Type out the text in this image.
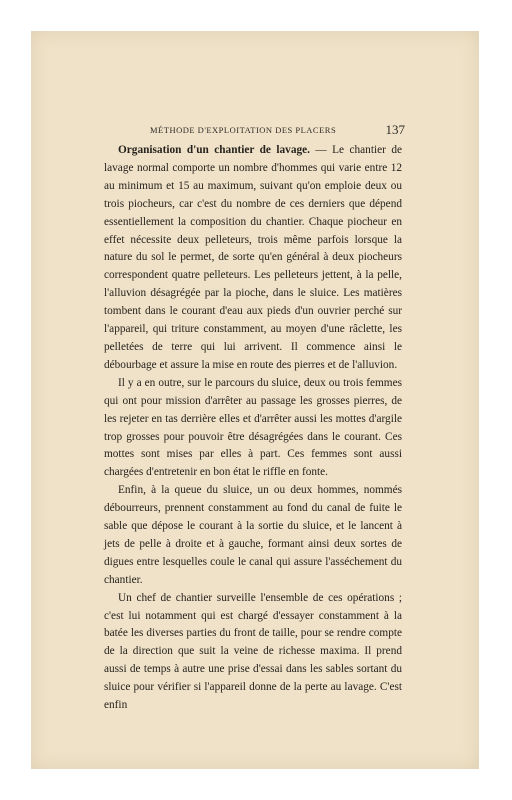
MÉTHODE D'EXPLOITATION DES PLACERS	137

Organisation d'un chantier de lavage. — Le chantier de lavage normal comporte un nombre d'hommes qui varie entre 12 au minimum et 15 au maximum, suivant qu'on emploie deux ou trois piocheurs, car c'est du nombre de ces derniers que dépend essentiellement la composition du chantier. Chaque piocheur en effet nécessite deux pelleteurs, trois même parfois lorsque la nature du sol le permet, de sorte qu'en général à deux piocheurs correspondent quatre pelleteurs. Les pelleteurs jettent, à la pelle, l'alluvion désagrégée par la pioche, dans le sluice. Les matières tombent dans le courant d'eau aux pieds d'un ouvrier perché sur l'appareil, qui triture constamment, au moyen d'une râclette, les pelletées de terre qui lui arrivent. Il commence ainsi le débourbage et assure la mise en route des pierres et de l'alluvion.

Il y a en outre, sur le parcours du sluice, deux ou trois femmes qui ont pour mission d'arrêter au passage les grosses pierres, de les rejeter en tas derrière elles et d'arrêter aussi les mottes d'argile trop grosses pour pouvoir être désagrégées dans le courant. Ces mottes sont mises par elles à part. Ces femmes sont aussi chargées d'entretenir en bon état le riffle en fonte.

Enfin, à la queue du sluice, un ou deux hommes, nommés débourreurs, prennent constamment au fond du canal de fuite le sable que dépose le courant à la sortie du sluice, et le lancent à jets de pelle à droite et à gauche, formant ainsi deux sortes de digues entre lesquelles coule le canal qui assure l'asséchement du chantier.

Un chef de chantier surveille l'ensemble de ces opérations ; c'est lui notamment qui est chargé d'essayer constamment à la batée les diverses parties du front de taille, pour se rendre compte de la direction que suit la veine de richesse maxima. Il prend aussi de temps à autre une prise d'essai dans les sables sortant du sluice pour vérifier si l'appareil donne de la perte au lavage. C'est enfin
